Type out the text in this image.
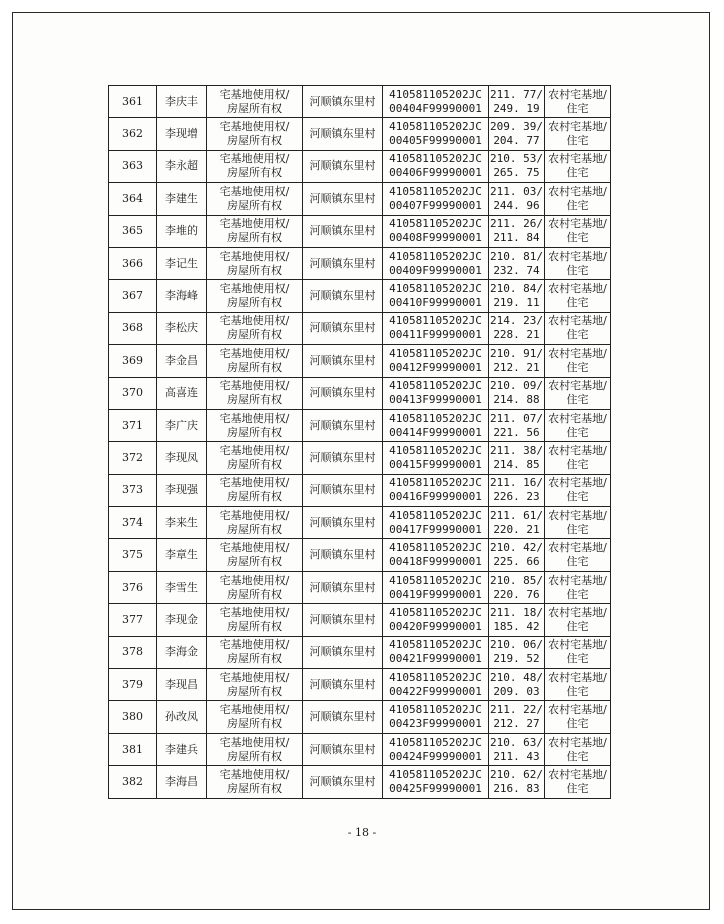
361	李庆丰	宅基地使用权/
房屋所有权	河顺镇东里村	410581105202JC
00404F99990001	211. 77/
249. 19	农村宅基地/
住宅

362	李现增	宅基地使用权/
房屋所有权	河顺镇东里村	410581105202JC
00405F99990001	209. 39/
204. 77	农村宅基地/
住宅

363	李永超	宅基地使用权/
房屋所有权	河顺镇东里村	410581105202JC
00406F99990001	210. 53/
265. 75	农村宅基地/
住宅

364	李建生	宅基地使用权/
房屋所有权	河顺镇东里村	410581105202JC
00407F99990001	211. 03/
244. 96	农村宅基地/
住宅

365	李堆的	宅基地使用权/
房屋所有权	河顺镇东里村	410581105202JC
00408F99990001	211. 26/
211. 84	农村宅基地/
住宅

366	李记生	宅基地使用权/
房屋所有权	河顺镇东里村	410581105202JC
00409F99990001	210. 81/
232. 74	农村宅基地/
住宅

367	李海峰	宅基地使用权/
房屋所有权	河顺镇东里村	410581105202JC
00410F99990001	210. 84/
219. 11	农村宅基地/
住宅

368	李松庆	宅基地使用权/
房屋所有权	河顺镇东里村	410581105202JC
00411F99990001	214. 23/
228. 21	农村宅基地/
住宅

369	李金昌	宅基地使用权/
房屋所有权	河顺镇东里村	410581105202JC
00412F99990001	210. 91/
212. 21	农村宅基地/
住宅

370	高喜连	宅基地使用权/
房屋所有权	河顺镇东里村	410581105202JC
00413F99990001	210. 09/
214. 88	农村宅基地/
住宅

371	李广庆	宅基地使用权/
房屋所有权	河顺镇东里村	410581105202JC
00414F99990001	211. 07/
221. 56	农村宅基地/
住宅

372	李现凤	宅基地使用权/
房屋所有权	河顺镇东里村	410581105202JC
00415F99990001	211. 38/
214. 85	农村宅基地/
住宅

373	李现强	宅基地使用权/
房屋所有权	河顺镇东里村	410581105202JC
00416F99990001	211. 16/
226. 23	农村宅基地/
住宅

374	李来生	宅基地使用权/
房屋所有权	河顺镇东里村	410581105202JC
00417F99990001	211. 61/
220. 21	农村宅基地/
住宅

375	李章生	宅基地使用权/
房屋所有权	河顺镇东里村	410581105202JC
00418F99990001	210. 42/
225. 66	农村宅基地/
住宅

376	李雪生	宅基地使用权/
房屋所有权	河顺镇东里村	410581105202JC
00419F99990001	210. 85/
220. 76	农村宅基地/
住宅

377	李现金	宅基地使用权/
房屋所有权	河顺镇东里村	410581105202JC
00420F99990001	211. 18/
185. 42	农村宅基地/
住宅

378	李海金	宅基地使用权/
房屋所有权	河顺镇东里村	410581105202JC
00421F99990001	210. 06/
219. 52	农村宅基地/
住宅

379	李现昌	宅基地使用权/
房屋所有权	河顺镇东里村	410581105202JC
00422F99990001	210. 48/
209. 03	农村宅基地/
住宅

380	孙改凤	宅基地使用权/
房屋所有权	河顺镇东里村	410581105202JC
00423F99990001	211. 22/
212. 27	农村宅基地/
住宅

381	李建兵	宅基地使用权/
房屋所有权	河顺镇东里村	410581105202JC
00424F99990001	210. 63/
211. 43	农村宅基地/
住宅

382	李海昌	宅基地使用权/
房屋所有权	河顺镇东里村	410581105202JC
00425F99990001	210. 62/
216. 83	农村宅基地/
住宅
- 18 -
